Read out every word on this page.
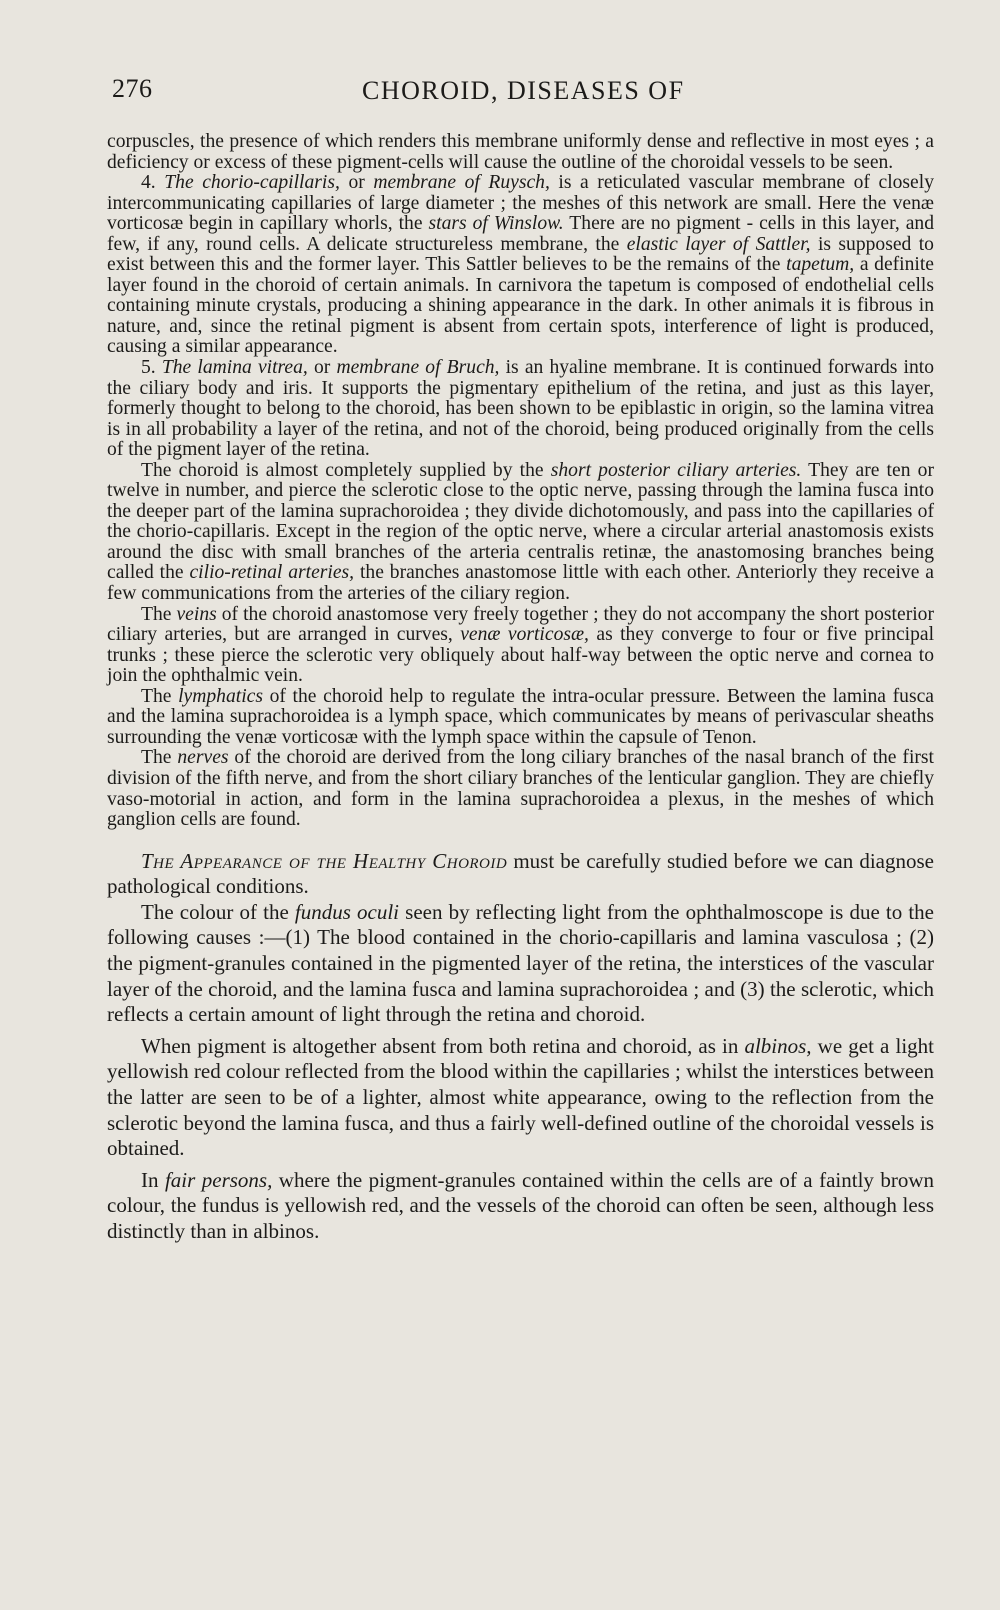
276	CHOROID, DISEASES OF

corpuscles, the presence of which renders this membrane uniformly dense and reflective in most eyes ; a deficiency or excess of these pigment-cells will cause the outline of the choroidal vessels to be seen.

4. The chorio-capillaris, or membrane of Ruysch, is a reticulated vascular membrane of closely intercommunicating capillaries of large diameter ; the meshes of this network are small. Here the venæ vorticosæ begin in capillary whorls, the stars of Winslow. There are no pigment - cells in this layer, and few, if any, round cells. A delicate structureless membrane, the elastic layer of Sattler, is supposed to exist between this and the former layer. This Sattler believes to be the remains of the tapetum, a definite layer found in the choroid of certain animals. In carnivora the tapetum is composed of endothelial cells containing minute crystals, producing a shining appearance in the dark. In other animals it is fibrous in nature, and, since the retinal pigment is absent from certain spots, interference of light is produced, causing a similar appearance.

5. The lamina vitrea, or membrane of Bruch, is an hyaline membrane. It is continued forwards into the ciliary body and iris. It supports the pigmentary epithelium of the retina, and just as this layer, formerly thought to belong to the choroid, has been shown to be epiblastic in origin, so the lamina vitrea is in all probability a layer of the retina, and not of the choroid, being produced originally from the cells of the pigment layer of the retina.

The choroid is almost completely supplied by the short posterior ciliary arteries. They are ten or twelve in number, and pierce the sclerotic close to the optic nerve, passing through the lamina fusca into the deeper part of the lamina suprachoroidea ; they divide dichotomously, and pass into the capillaries of the chorio-capillaris. Except in the region of the optic nerve, where a circular arterial anastomosis exists around the disc with small branches of the arteria centralis retinæ, the anastomosing branches being called the cilio-retinal arteries, the branches anastomose little with each other. Anteriorly they receive a few communications from the arteries of the ciliary region.

The veins of the choroid anastomose very freely together ; they do not accompany the short posterior ciliary arteries, but are arranged in curves, venæ vorticosæ, as they converge to four or five principal trunks ; these pierce the sclerotic very obliquely about half-way between the optic nerve and cornea to join the ophthalmic vein.

The lymphatics of the choroid help to regulate the intra-ocular pressure. Between the lamina fusca and the lamina suprachoroidea is a lymph space, which communicates by means of perivascular sheaths surrounding the venæ vorticosæ with the lymph space within the capsule of Tenon.

The nerves of the choroid are derived from the long ciliary branches of the nasal branch of the first division of the fifth nerve, and from the short ciliary branches of the lenticular ganglion. They are chiefly vaso-motorial in action, and form in the lamina suprachoroidea a plexus, in the meshes of which ganglion cells are found.

The Appearance of the Healthy Choroid must be carefully studied before we can diagnose pathological conditions.

The colour of the fundus oculi seen by reflecting light from the ophthalmoscope is due to the following causes :—(1) The blood contained in the chorio-capillaris and lamina vasculosa ; (2) the pigment-granules contained in the pigmented layer of the retina, the interstices of the vascular layer of the choroid, and the lamina fusca and lamina suprachoroidea ; and (3) the sclerotic, which reflects a certain amount of light through the retina and choroid.

When pigment is altogether absent from both retina and choroid, as in albinos, we get a light yellowish red colour reflected from the blood within the capillaries ; whilst the interstices between the latter are seen to be of a lighter, almost white appearance, owing to the reflection from the sclerotic beyond the lamina fusca, and thus a fairly well-defined outline of the choroidal vessels is obtained.

In fair persons, where the pigment-granules contained within the cells are of a faintly brown colour, the fundus is yellowish red, and the vessels of the choroid can often be seen, although less distinctly than in albinos.
